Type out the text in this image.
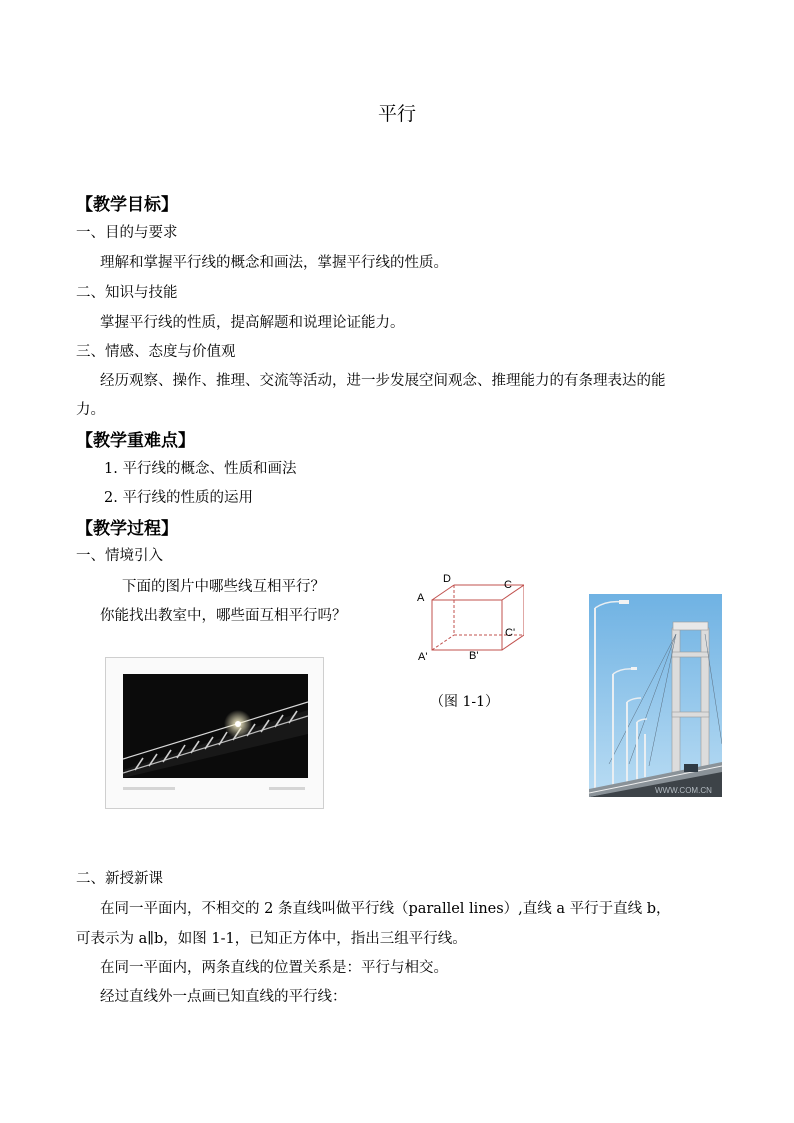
平行
【教学目标】
一、目的与要求
理解和掌握平行线的概念和画法，掌握平行线的性质。
二、知识与技能
掌握平行线的性质，提高解题和说理论证能力。
三、情感、态度与价值观
经历观察、操作、推理、交流等活动，进一步发展空间观念、推理能力的有条理表达的能
力。
【教学重难点】
1. 平行线的概念、性质和画法
2. 平行线的性质的运用
【教学过程】
一、情境引入
下面的图片中哪些线互相平行？
你能找出教室中，哪些面互相平行吗？
D	C
A
C'
A'	B'
（图 1-1）
WWW.COM.CN
二、新授新课
在同一平面内，不相交的 2 条直线叫做平行线（parallel lines）,直线 a 平行于直线 b，
可表示为 a∥b，如图 1-1，已知正方体中，指出三组平行线。
在同一平面内，两条直线的位置关系是：平行与相交。
经过直线外一点画已知直线的平行线：
